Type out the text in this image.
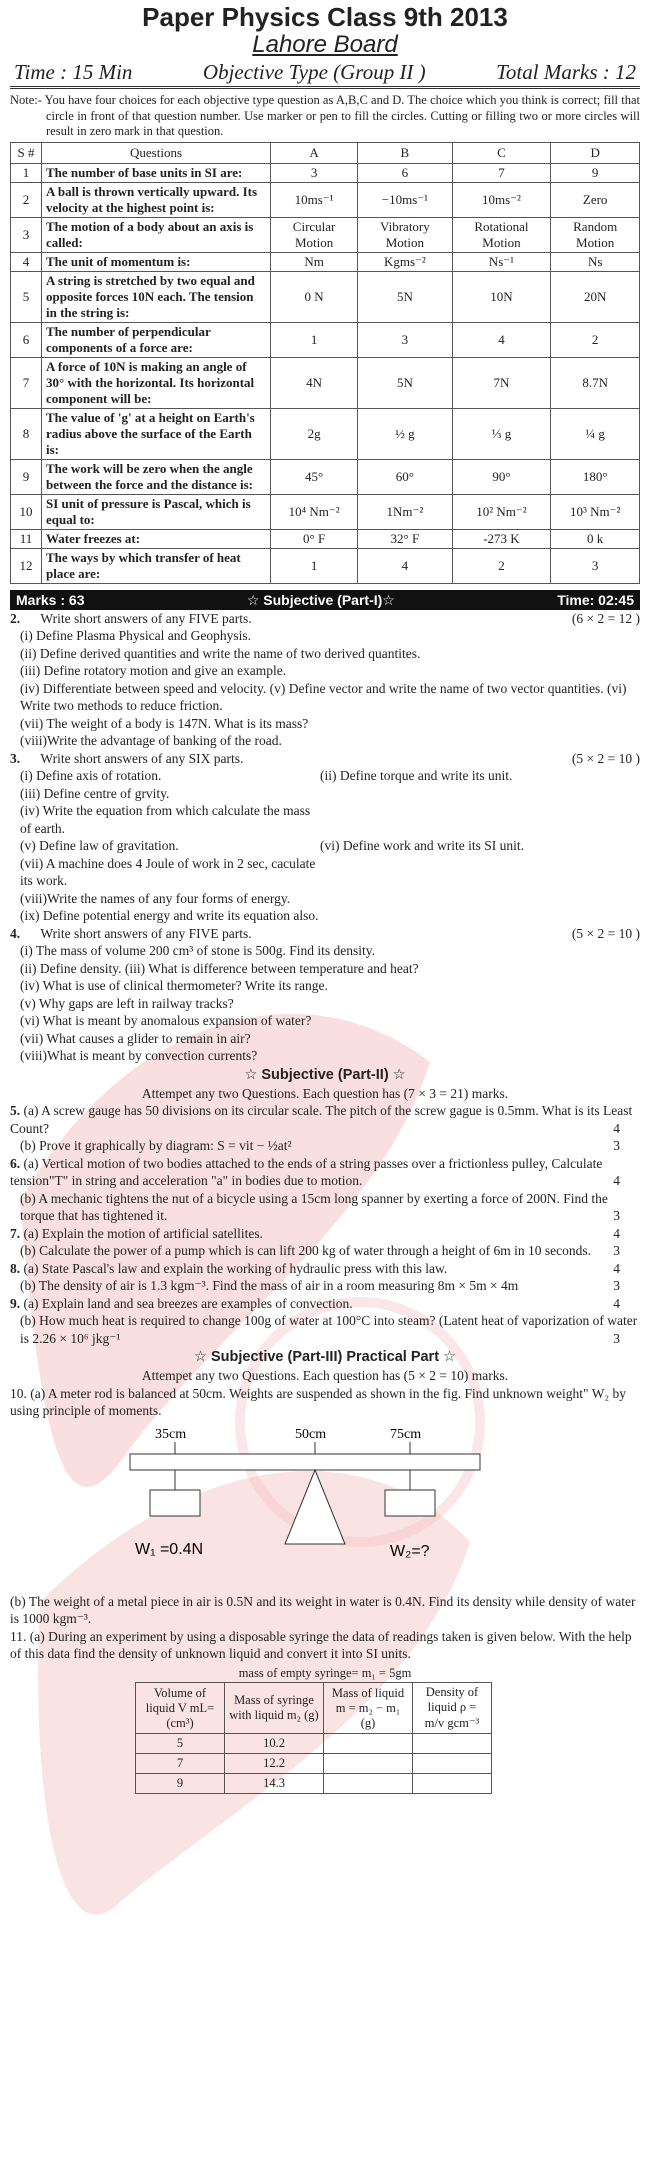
Paper Physics Class 9th 2013
Lahore Board
Time : 15 Min	Objective Type (Group II )	Total Marks : 12
Note:- You have four choices for each objective type question as A,B,C and D. The choice which you think is correct; fill that circle in front of that question number. Use marker or pen to fill the circles. Cutting or filling two or more circles will result in zero mark in that question.
S #	Questions	A	B	C	D
1	The number of base units in SI are:	3	6	7	9
2	A ball is thrown vertically upward. Its velocity at the highest point is:	10ms⁻¹	−10ms⁻¹	10ms⁻²	Zero
3	The motion of a body about an axis is called:	Circular Motion	Vibratory Motion	Rotational Motion	Random Motion
4	The unit of momentum is:	Nm	Kgms⁻²	Ns⁻¹	Ns
5	A string is stretched by two equal and opposite forces 10N each. The tension in the string is:	0 N	5N	10N	20N
6	The number of perpendicular components of a force are:	1	3	4	2
7	A force of 10N is making an angle of 30° with the horizontal. Its horizontal component will be:	4N	5N	7N	8.7N
8	The value of 'g' at a height on Earth's radius above the surface of the Earth is:	2g	½ g	⅓ g	¼ g
9	The work will be zero when the angle between the force and the distance is:	45°	60°	90°	180°
10	SI unit of pressure is Pascal, which is equal to:	10⁴ Nm⁻²	1Nm⁻²	10² Nm⁻²	10³ Nm⁻²
11	Water freezes at:	0° F	32° F	-273 K	0 k
12	The ways by which transfer of heat place are:	1	4	2	3
Marks : 63	☆ Subjective (Part-I)☆	Time: 02:45
2. Write short answers of any FIVE parts.	(6 × 2 = 12 )
(i) Define Plasma Physical and Geophysis.
(ii) Define derived quantities and write the name of two derived quantites.
(iii) Define rotatory motion and give an example.
(iv) Differentiate between speed and velocity. (v) Define vector and write the name of two vector quantities. (vi) Write two methods to reduce friction.
(vii) The weight of a body is 147N. What is its mass?
(viii)Write the advantage of banking of the road.
3. Write short answers of any SIX parts.	(5 × 2 = 10 )
(i) Define axis of rotation.	(ii) Define torque and write its unit.
(iii) Define centre of grvity.
(iv) Write the equation from which calculate the mass of earth.
(v) Define law of gravitation.	(vi) Define work and write its SI unit.
(vii) A machine does 4 Joule of work in 2 sec, caculate its work.
(viii)Write the names of any four forms of energy.
(ix) Define potential energy and write its equation also.
4. Write short answers of any FIVE parts.	(5 × 2 = 10 )
(i) The mass of volume 200 cm³ of stone is 500g. Find its density.
(ii) Define density. (iii) What is difference between temperature and heat?
(iv) What is use of clinical thermometer? Write its range.
(v) Why gaps are left in railway tracks?
(vi) What is meant by anomalous expansion of water?
(vii) What causes a glider to remain in air?
(viii)What is meant by convection currents?
☆ Subjective (Part-II) ☆
Attempet any two Questions. Each question has (7 × 3 = 21) marks.
5. (a) A screw gauge has 50 divisions on its circular scale. The pitch of the screw gague is 0.5mm. What is its Least Count?	4
(b) Prove it graphically by diagram: S = vit − ½at²	3
6. (a) Vertical motion of two bodies attached to the ends of a string passes over a frictionless pulley, Calculate tension"T" in string and acceleration "a" in bodies due to motion.	4
(b) A mechanic tightens the nut of a bicycle using a 15cm long spanner by exerting a force of 200N. Find the torque that has tightened it.	3
7. (a) Explain the motion of artificial satellites.	4
(b) Calculate the power of a pump which is can lift 200 kg of water through a height of 6m in 10 seconds. 3
8. (a) State Pascal's law and explain the working of hydraulic press with this law.	4
(b) The density of air is 1.3 kgm⁻³. Find the mass of air in a room measuring 8m × 5m × 4m	3
9. (a) Explain land and sea breezes are examples of convection.	4
(b) How much heat is required to change 100g of water at 100°C into steam? (Latent heat of vaporization of water is 2.26 × 10⁶ jkg⁻¹	3
☆ Subjective (Part-III) Practical Part ☆
Attempet any two Questions. Each question has (5 × 2 = 10) marks.
10. (a) A meter rod is balanced at 50cm. Weights are suspended as shown in the fig. Find unknown weight" W₂ by using principle of moments.
35cm	50cm	75cm
W₁ =0.4N	W₂=?
(b) The weight of a metal piece in air is 0.5N and its weight in water is 0.4N. Find its density while density of water is 1000 kgm⁻³.
11. (a) During an experiment by using a disposable syringe the data of readings taken is given below. With the help of this data find the density of unknown liquid and convert it into SI units.
mass of empty syringe= m₁ = 5gm
Volume of liquid V mL=(cm³)	Mass of syringe with liquid m₂ (g)	Mass of liquid m = m₂ − m₁ (g)	Density of liquid ρ = m/v gcm⁻³
5	10.2		
7	12.2		
9	14.3		
